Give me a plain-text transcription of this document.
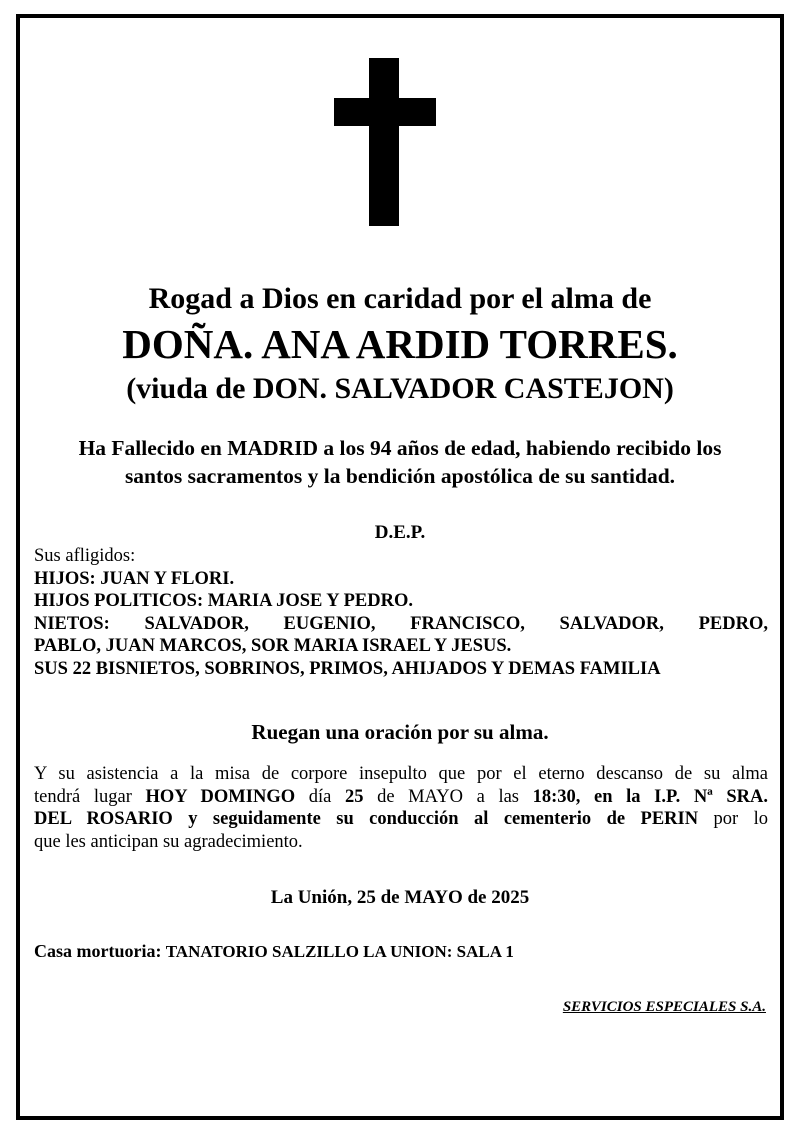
Rogad a Dios en caridad por el alma de
DOÑA. ANA ARDID TORRES.
(viuda de DON. SALVADOR CASTEJON)
Ha Fallecido en MADRID a los 94 años de edad, habiendo recibido los
santos sacramentos y la bendición apostólica de su santidad.
D.E.P.
Sus afligidos:
HIJOS: JUAN Y FLORI.
HIJOS POLITICOS: MARIA JOSE Y PEDRO.
NIETOS: SALVADOR, EUGENIO, FRANCISCO, SALVADOR, PEDRO,
PABLO, JUAN MARCOS, SOR MARIA ISRAEL Y JESUS.
SUS 22 BISNIETOS, SOBRINOS, PRIMOS, AHIJADOS Y DEMAS FAMILIA
Ruegan una oración por su alma.
Y su asistencia a la misa de corpore insepulto que por el eterno descanso de su alma
tendrá lugar HOY DOMINGO día 25 de MAYO a las 18:30, en la I.P. Nª SRA.
DEL ROSARIO y seguidamente su conducción al cementerio de PERIN por lo
que les anticipan su agradecimiento.
La Unión, 25 de MAYO de 2025
Casa mortuoria: TANATORIO SALZILLO LA UNION: SALA 1
SERVICIOS ESPECIALES S.A.
